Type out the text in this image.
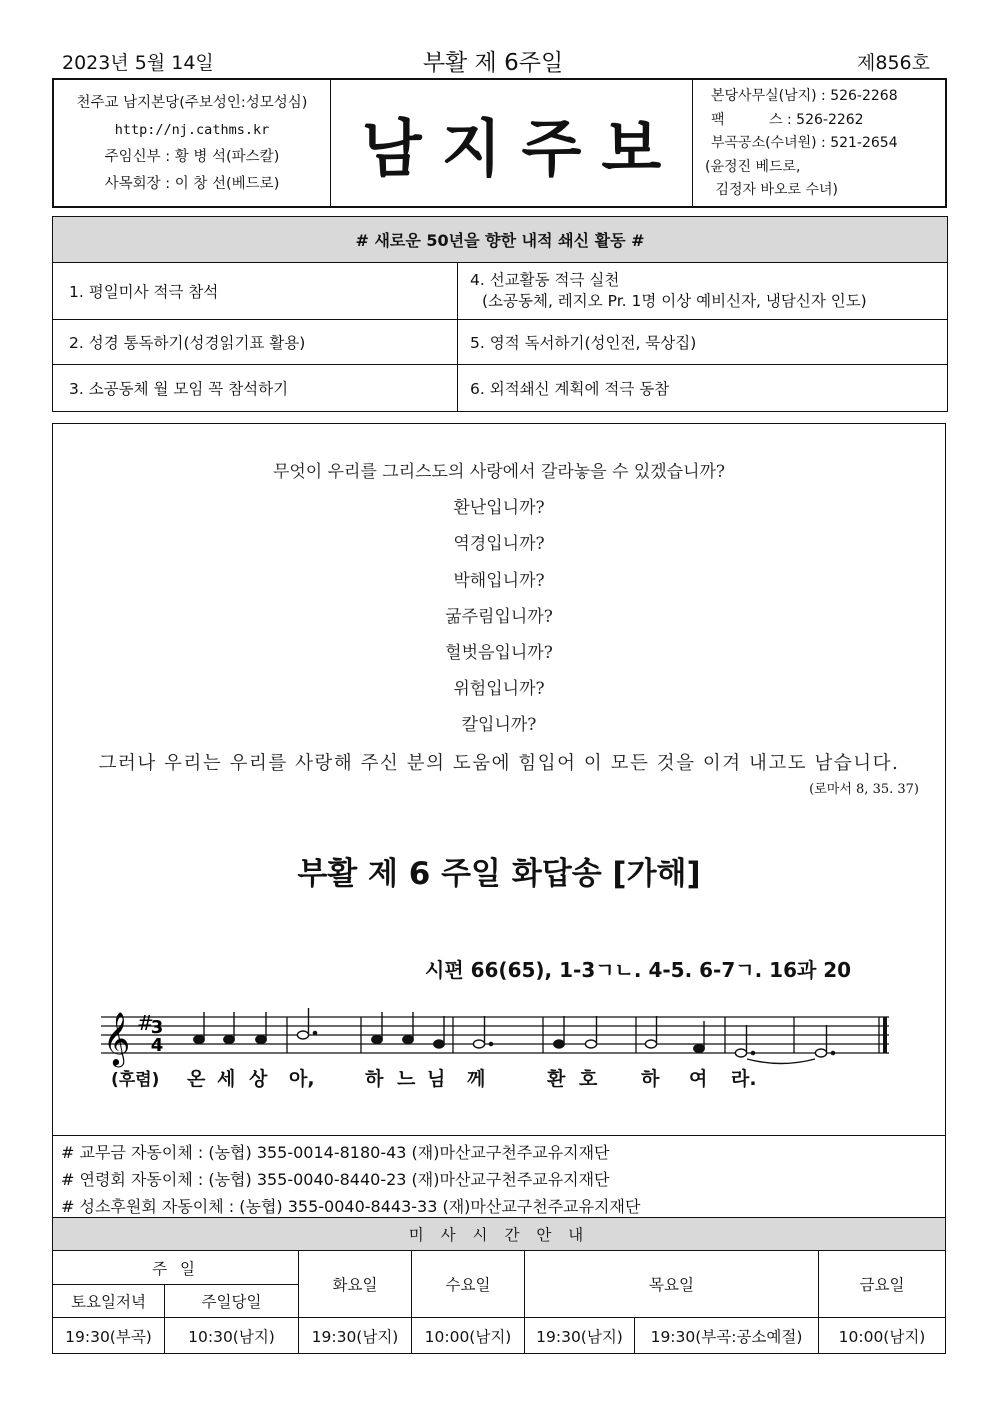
2023년 5월 14일	부활 제 6주일	제856호
천주교 남지본당(주보성인:성모성심)
http://nj.cathms.kr
주임신부 : 황 병 석(파스칼)
사목회장 : 이 창 선(베드로)	남지주보
본당사무실(남지) : 526-2268
팩          스 : 526-2262
부곡공소(수녀원) : 521-2654
(윤정진 베드로,
김정자 바오로 수녀)
# 새로운 50년을 향한 내적 쇄신 활동 #	
1. 평일미사 적극 참석	4. 선교활동 적극 실천
(소공동체, 레지오 Pr. 1명 이상 예비신자, 냉담신자 인도)

2. 성경 통독하기(성경읽기표 활용)	5. 영적 독서하기(성인전, 묵상집)
3. 소공동체 월 모임 꼭 참석하기	6. 외적쇄신 계획에 적극 동참
무엇이 우리를 그리스도의 사랑에서 갈라놓을 수 있겠습니까?
환난입니까?
역경입니까?
박해입니까?
굶주림입니까?
헐벗음입니까?
위험입니까?
칼입니까?
그러나 우리는 우리를 사랑해 주신 분의 도움에 힘입어 이 모든 것을 이겨 내고도 남습니다.
(로마서 8, 35. 37)
부활 제 6 주일 화답송 [가해]
시편 66(65), 1-3ㄱㄴ. 4-5. 6-7ㄱ. 16과 20
𝄞 #
3
4
(후렴) 온 세 상 아,	하 느 님 께	환 호 하 여 라.
# 교무금 자동이체 : (농협) 355-0014-8180-43 (재)마산교구천주교유지재단
# 연령회 자동이체 : (농협) 355-0040-8440-23 (재)마산교구천주교유지재단
# 성소후원회 자동이체 : (농협) 355-0040-8443-33 (재)마산교구천주교유지재단
미 사 시 간 안 내						
주 일		화요일	수요일	목요일		금요일
토요일저녁	주일당일					
19:30(부곡)	10:30(남지)	19:30(남지)	10:00(남지)	19:30(남지)	19:30(부곡:공소예절)	10:00(남지)
